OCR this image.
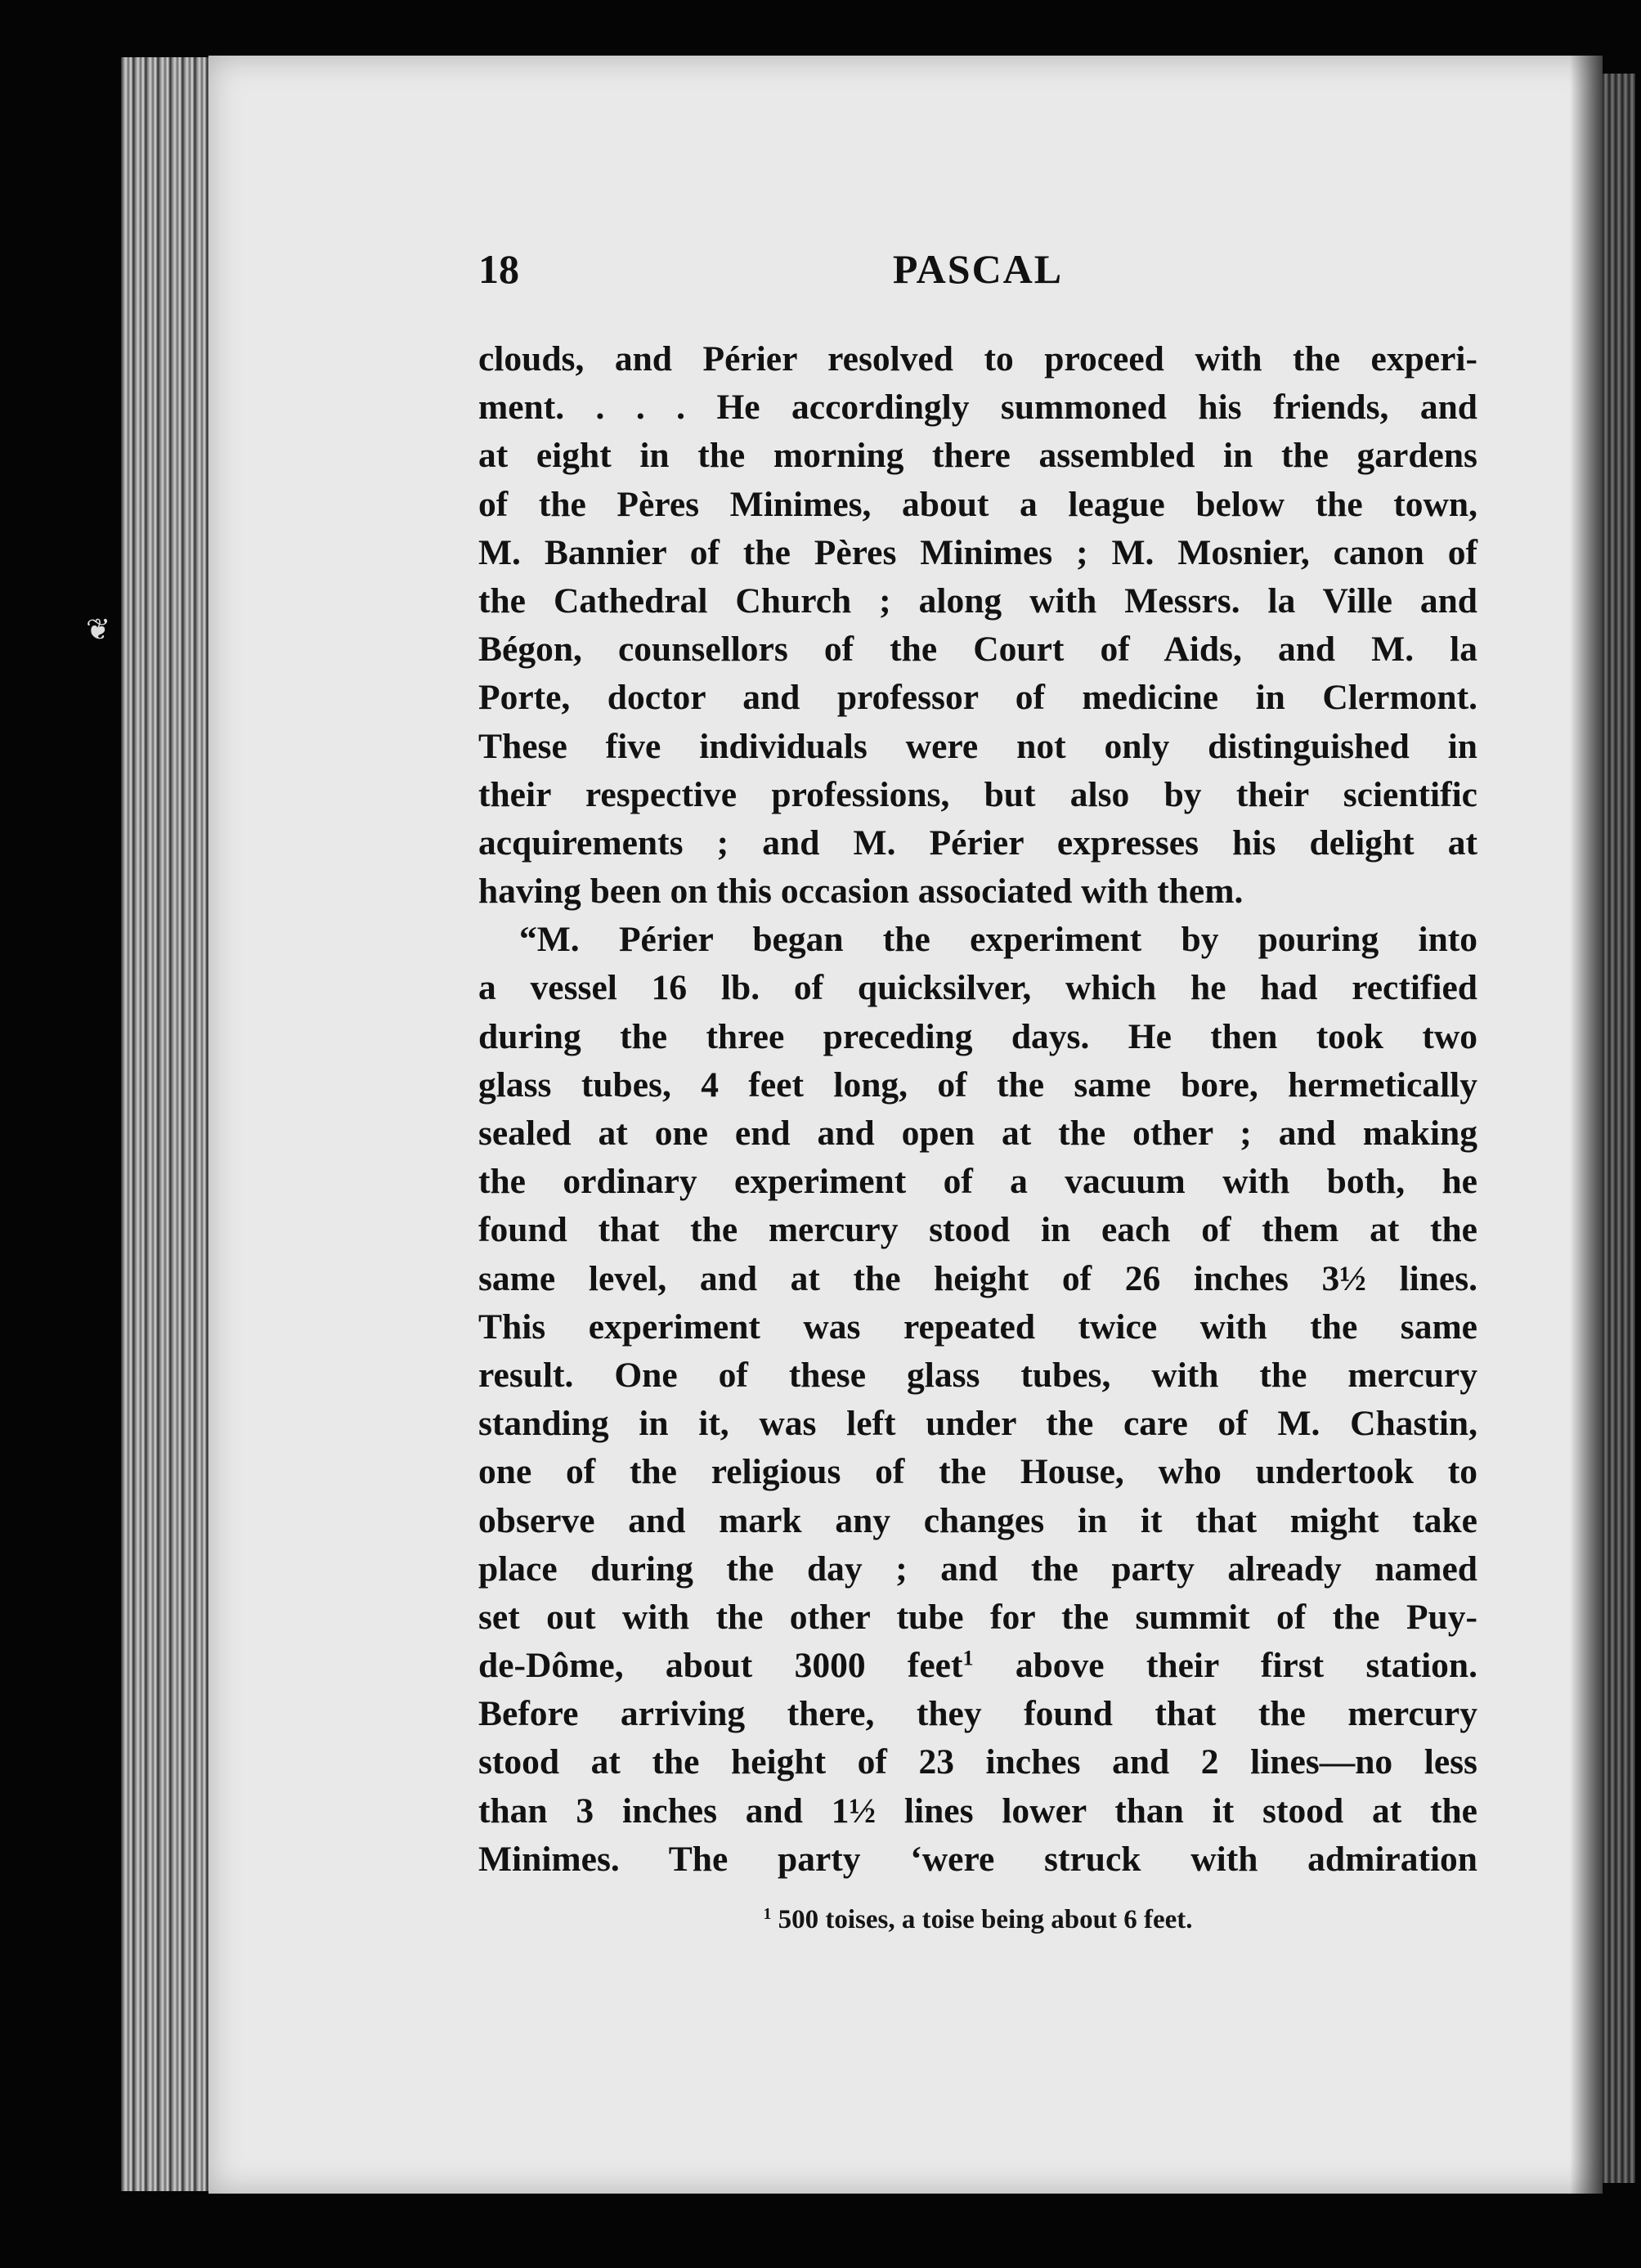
❦
18	PASCAL
clouds, and Périer resolved to proceed with the experi-
ment. . . . He accordingly summoned his friends, and
at eight in the morning there assembled in the gardens
of the Pères Minimes, about a league below the town,
M. Bannier of the Pères Minimes ; M. Mosnier, canon of
the Cathedral Church ; along with Messrs. la Ville and
Bégon, counsellors of the Court of Aids, and M. la
Porte, doctor and professor of medicine in Clermont.
These five individuals were not only distinguished in
their respective professions, but also by their scientific
acquirements ; and M. Périer expresses his delight at
having been on this occasion associated with them.
“M. Périer began the experiment by pouring into
a vessel 16 lb. of quicksilver, which he had rectified
during the three preceding days. He then took two
glass tubes, 4 feet long, of the same bore, hermetically
sealed at one end and open at the other ; and making
the ordinary experiment of a vacuum with both, he
found that the mercury stood in each of them at the
same level, and at the height of 26 inches 3½ lines.
This experiment was repeated twice with the same
result. One of these glass tubes, with the mercury
standing in it, was left under the care of M. Chastin,
one of the religious of the House, who undertook to
observe and mark any changes in it that might take
place during the day ; and the party already named
set out with the other tube for the summit of the Puy-
de-Dôme, about 3000 feet$^1$ above their first station.
Before arriving there, they found that the mercury
stood at the height of 23 inches and 2 lines—no less
than 3 inches and 1½ lines lower than it stood at the
Minimes. The party ‘were struck with admiration
$^1$ 500 toises, a toise being about 6 feet.
